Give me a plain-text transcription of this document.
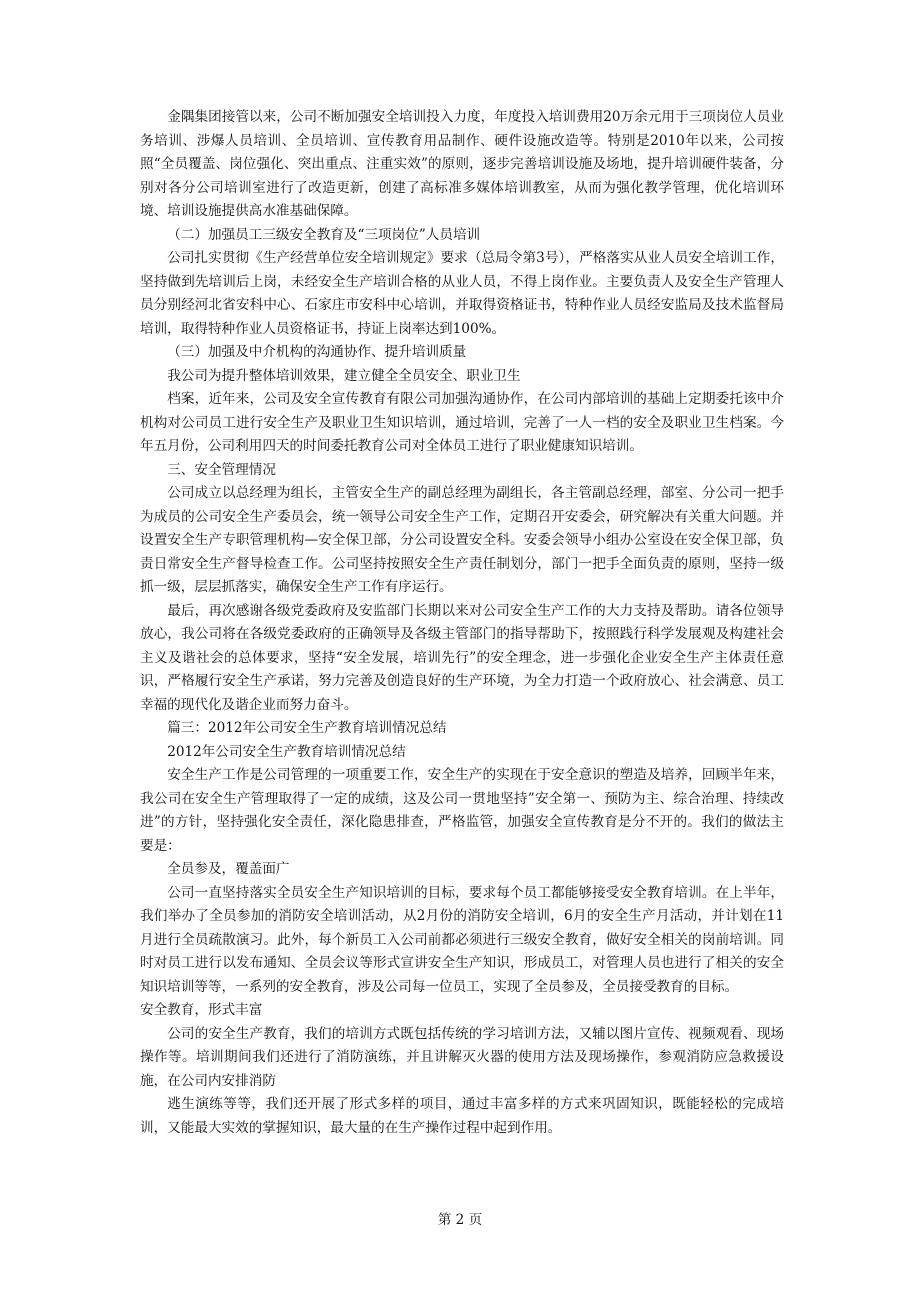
金隅集团接管以来，公司不断加强安全培训投入力度，年度投入培训费用20万余元用于三项岗位人员业务培训、涉爆人员培训、全员培训、宣传教育用品制作、硬件设施改造等。特别是2010年以来，公司按照“全员覆盖、岗位强化、突出重点、注重实效”的原则，逐步完善培训设施及场地，提升培训硬件装备，分别对各分公司培训室进行了改造更新，创建了高标准多媒体培训教室，从而为强化教学管理，优化培训环境、培训设施提供高水准基础保障。

（二）加强员工三级安全教育及“三项岗位”人员培训

公司扎实贯彻《生产经营单位安全培训规定》要求（总局令第3号），严格落实从业人员安全培训工作，坚持做到先培训后上岗，未经安全生产培训合格的从业人员，不得上岗作业。主要负责人及安全生产管理人员分别经河北省安科中心、石家庄市安科中心培训，并取得资格证书，特种作业人员经安监局及技术监督局培训，取得特种作业人员资格证书，持证上岗率达到100%。

（三）加强及中介机构的沟通协作、提升培训质量

我公司为提升整体培训效果，建立健全全员安全、职业卫生

档案，近年来，公司及安全宣传教育有限公司加强沟通协作，在公司内部培训的基础上定期委托该中介机构对公司员工进行安全生产及职业卫生知识培训，通过培训，完善了一人一档的安全及职业卫生档案。今年五月份，公司利用四天的时间委托教育公司对全体员工进行了职业健康知识培训。

三、安全管理情况

公司成立以总经理为组长，主管安全生产的副总经理为副组长，各主管副总经理，部室、分公司一把手为成员的公司安全生产委员会，统一领导公司安全生产工作，定期召开安委会，研究解决有关重大问题。并设置安全生产专职管理机构—安全保卫部，分公司设置安全科。安委会领导小组办公室设在安全保卫部，负责日常安全生产督导检查工作。公司坚持按照安全生产责任制划分，部门一把手全面负责的原则，坚持一级抓一级，层层抓落实，确保安全生产工作有序运行。

最后，再次感谢各级党委政府及安监部门长期以来对公司安全生产工作的大力支持及帮助。请各位领导放心，我公司将在各级党委政府的正确领导及各级主管部门的指导帮助下，按照践行科学发展观及构建社会主义及谐社会的总体要求，坚持“安全发展，培训先行”的安全理念，进一步强化企业安全生产主体责任意识，严格履行安全生产承诺，努力完善及创造良好的生产环境，为全力打造一个政府放心、社会满意、员工幸福的现代化及谐企业而努力奋斗。

篇三：2012年公司安全生产教育培训情况总结

2012年公司安全生产教育培训情况总结

安全生产工作是公司管理的一项重要工作，安全生产的实现在于安全意识的塑造及培养，回顾半年来，我公司在安全生产管理取得了一定的成绩，这及公司一贯地坚持”安全第一、预防为主、综合治理、持续改进”的方针，坚持强化安全责任，深化隐患排查，严格监管，加强安全宣传教育是分不开的。我们的做法主要是：

全员参及，覆盖面广

公司一直坚持落实全员安全生产知识培训的目标，要求每个员工都能够接受安全教育培训。在上半年，我们举办了全员参加的消防安全培训活动，从2月份的消防安全培训，6月的安全生产月活动，并计划在11月进行全员疏散演习。此外，每个新员工入公司前都必须进行三级安全教育，做好安全相关的岗前培训。同时对员工进行以发布通知、全员会议等形式宣讲安全生产知识，形成员工，对管理人员也进行了相关的安全知识培训等等，一系列的安全教育，涉及公司每一位员工，实现了全员参及，全员接受教育的目标。

安全教育，形式丰富

公司的安全生产教育，我们的培训方式既包括传统的学习培训方法，又辅以图片宣传、视频观看、现场操作等。培训期间我们还进行了消防演练，并且讲解灭火器的使用方法及现场操作，参观消防应急救援设施，在公司内安排消防

逃生演练等等，我们还开展了形式多样的项目，通过丰富多样的方式来巩固知识，既能轻松的完成培训，又能最大实效的掌握知识，最大量的在生产操作过程中起到作用。

第 2 页
